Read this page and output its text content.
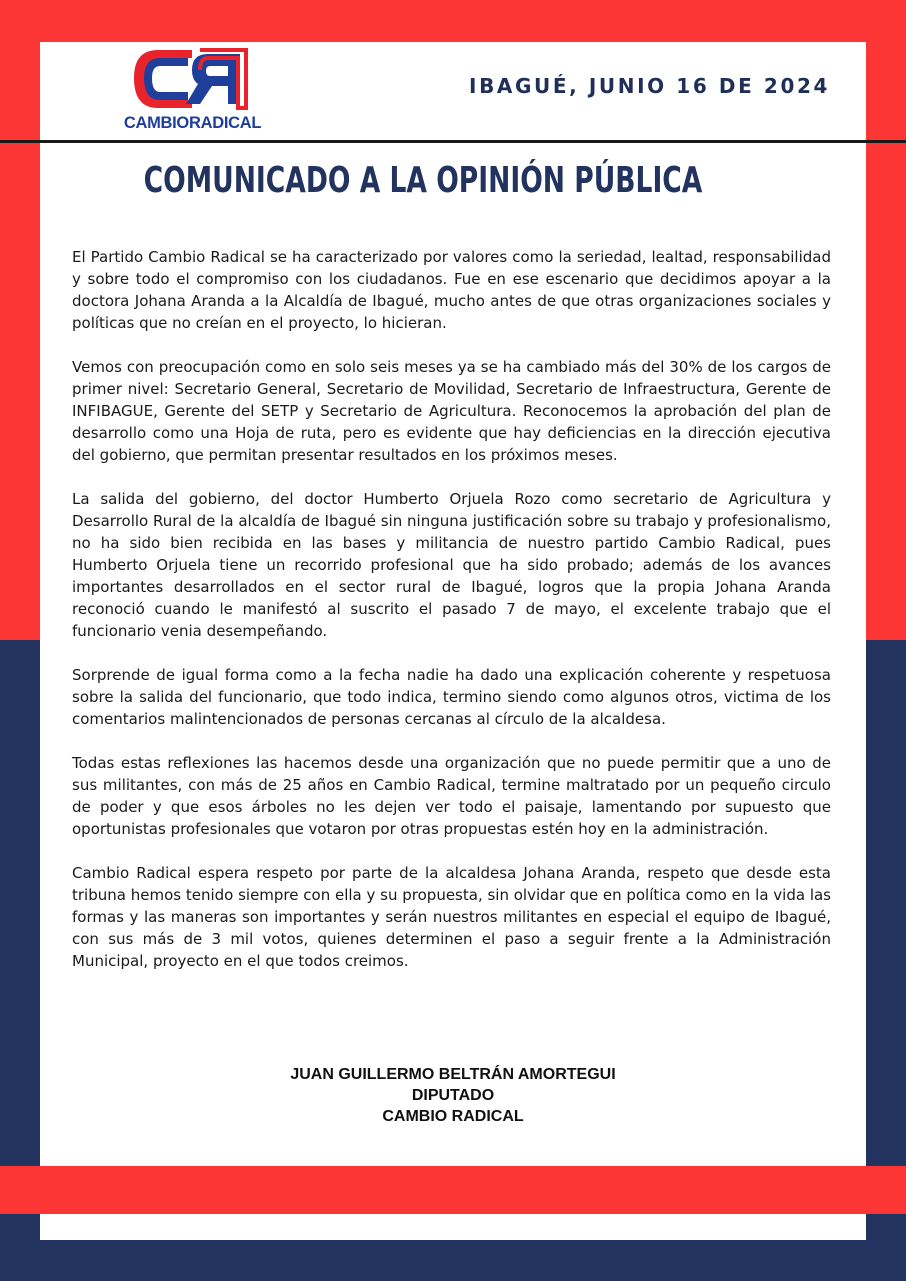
CAMBIORADICAL
IBAGUÉ, JUNIO 16 DE 2024
COMUNICADO A LA OPINIÓN PÚBLICA

El Partido Cambio Radical se ha caracterizado por valores como la seriedad, lealtad, responsabilidad y sobre todo el compromiso con los ciudadanos. Fue en ese escenario que decidimos apoyar a la doctora Johana Aranda a la Alcaldía de Ibagué, mucho antes de que otras organizaciones sociales y políticas que no creían en el proyecto, lo hicieran.

Vemos con preocupación como en solo seis meses ya se ha cambiado más del 30% de los cargos de primer nivel: Secretario General, Secretario de Movilidad, Secretario de Infraestructura, Gerente de INFIBAGUE, Gerente del SETP y Secretario de Agricultura. Reconocemos la aprobación del plan de desarrollo como una Hoja de ruta, pero es evidente que hay deficiencias en la dirección ejecutiva del gobierno, que permitan presentar resultados en los próximos meses.

La salida del gobierno, del doctor Humberto Orjuela Rozo como secretario de Agricultura y Desarrollo Rural de la alcaldía de Ibagué sin ninguna justificación sobre su trabajo y profesionalismo, no ha sido bien recibida en las bases y militancia de nuestro partido Cambio Radical, pues Humberto Orjuela tiene un recorrido profesional que ha sido probado; además de los avances importantes desarrollados en el sector rural de Ibagué, logros que la propia Johana Aranda reconoció cuando le manifestó al suscrito el pasado 7 de mayo, el excelente trabajo que el funcionario venia desempeñando.

Sorprende de igual forma como a la fecha nadie ha dado una explicación coherente y respetuosa sobre la salida del funcionario, que todo indica, termino siendo como algunos otros, victima de los comentarios malintencionados de personas cercanas al círculo de la alcaldesa.

Todas estas reflexiones las hacemos desde una organización que no puede permitir que a uno de sus militantes, con más de 25 años en Cambio Radical, termine maltratado por un pequeño circulo de poder y que esos árboles no les dejen ver todo el paisaje, lamentando por supuesto que oportunistas profesionales que votaron por otras propuestas estén hoy en la administración.

Cambio Radical espera respeto por parte de la alcaldesa Johana Aranda, respeto que desde esta tribuna hemos tenido siempre con ella y su propuesta, sin olvidar que en política como en la vida las formas y las maneras son importantes y serán nuestros militantes en especial el equipo de Ibagué, con sus más de 3 mil votos, quienes determinen el paso a seguir frente a la Administración Municipal, proyecto en el que todos creimos.

JUAN GUILLERMO BELTRÁN AMORTEGUI
DIPUTADO
CAMBIO RADICAL
